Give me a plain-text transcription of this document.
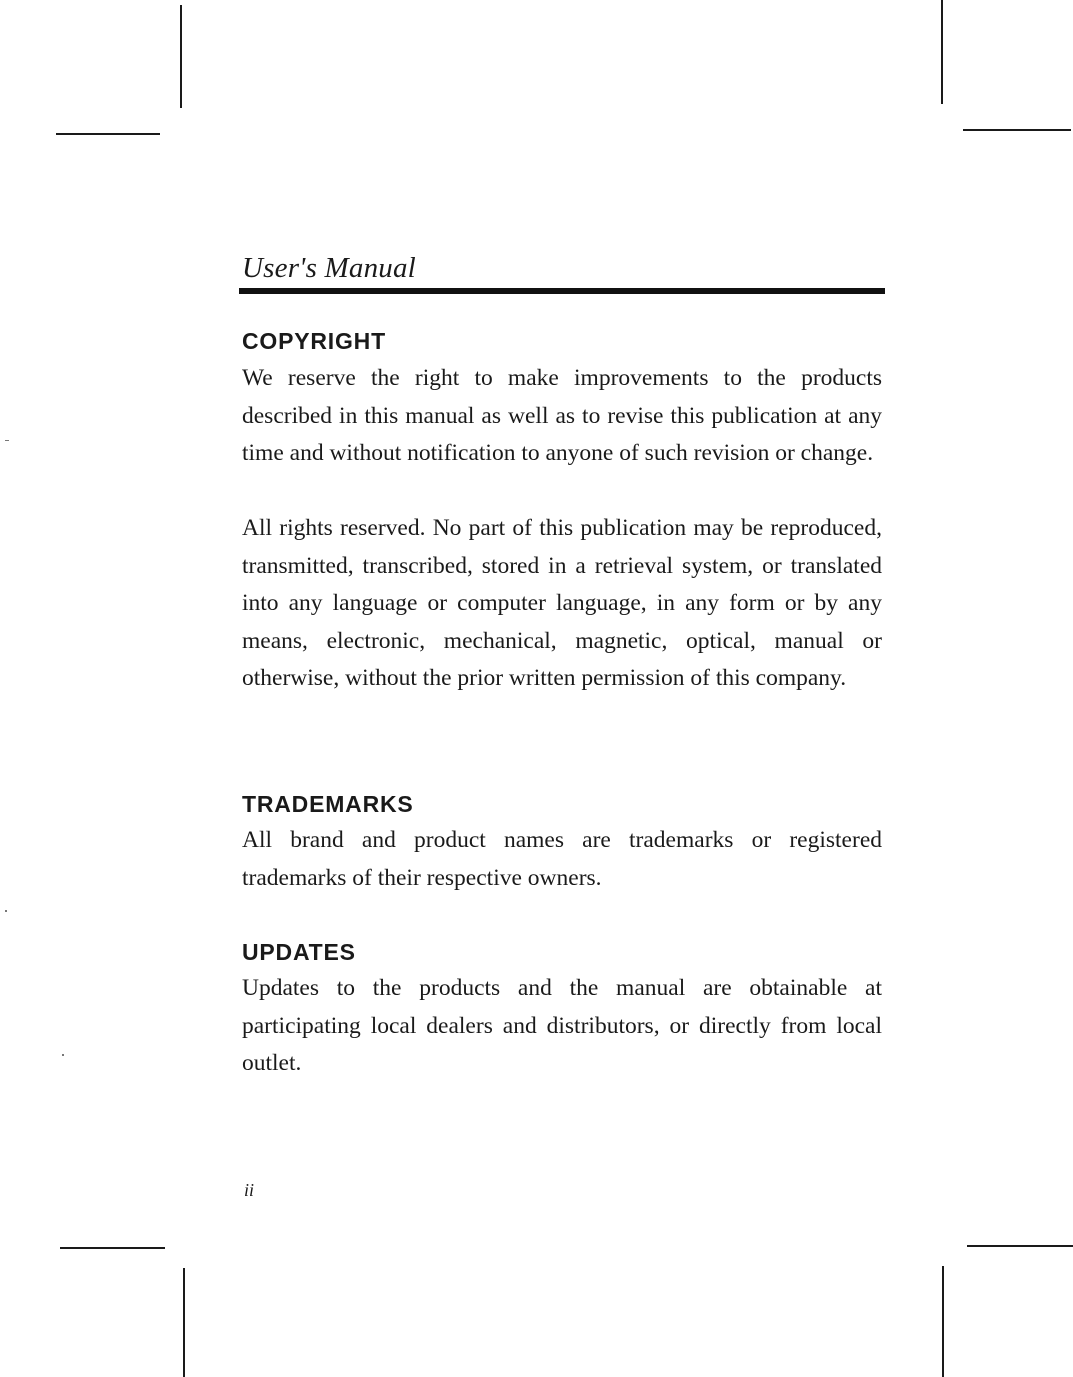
User's Manual
COPYRIGHT

We reserve the right to make improvements to the products described in this manual as well as to revise this publication at any time and without notification to anyone of such revision or change.

All rights reserved. No part of this publication may be reproduced, transmitted, transcribed, stored in a retrieval system, or translated into any language or computer language, in any form or by any means, electronic, mechanical, magnetic, optical, manual or otherwise, without the prior written permission of this company.

TRADEMARKS

All brand and product names are trademarks or registered trademarks of their respective owners.

UPDATES

Updates to the products and the manual are obtainable at participating local dealers and distributors, or directly from local outlet.

ii
